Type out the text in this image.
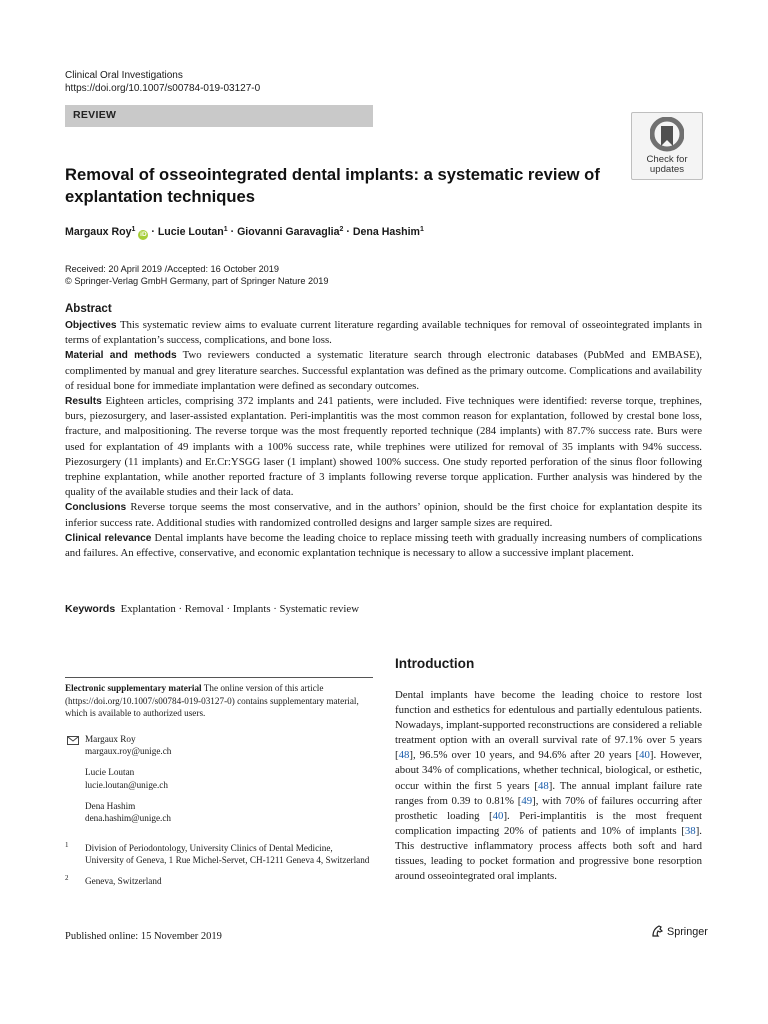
Clinical Oral Investigations
https://doi.org/10.1007/s00784-019-03127-0
REVIEW
Check for
updates
Removal of osseointegrated dental implants: a systematic review of explantation techniques
Margaux Roy$^1$ iD · Lucie Loutan$^1$ · Giovanni Garavaglia$^2$ · Dena Hashim$^1$
Received: 20 April 2019 /Accepted: 16 October 2019
© Springer-Verlag GmbH Germany, part of Springer Nature 2019
Abstract

Objectives This systematic review aims to evaluate current literature regarding available techniques for removal of osseointegrated implants in terms of explantation’s success, complications, and bone loss.

Material and methods Two reviewers conducted a systematic literature search through electronic databases (PubMed and EMBASE), complimented by manual and grey literature searches. Successful explantation was defined as the primary outcome. Complications and availability of residual bone for immediate implantation were defined as secondary outcomes.

Results Eighteen articles, comprising 372 implants and 241 patients, were included. Five techniques were identified: reverse torque, trephines, burs, piezosurgery, and laser-assisted explantation. Peri-implantitis was the most common reason for explantation, followed by crestal bone loss, fracture, and malpositioning. The reverse torque was the most frequently reported technique (284 implants) with 87.7% success rate. Burs were used for explantation of 49 implants with a 100% success rate, while trephines were utilized for removal of 35 implants with 94% success. Piezosurgery (11 implants) and Er.Cr:YSGG laser (1 implant) showed 100% success. One study reported perforation of the sinus floor following trephine explantation, while another reported fracture of 3 implants following reverse torque application. Further analysis was hindered by the quality of the available studies and their lack of data.

Conclusions Reverse torque seems the most conservative, and in the authors’ opinion, should be the first choice for explantation despite its inferior success rate. Additional studies with randomized controlled designs and larger sample sizes are required.

Clinical relevance Dental implants have become the leading choice to replace missing teeth with gradually increasing numbers of complications and failures. An effective, conservative, and economic explantation technique is necessary to allow a successive implant placement.

Keywords Explantation · Removal · Implants · Systematic review
Electronic supplementary material The online version of this article (https://doi.org/10.1007/s00784-019-03127-0) contains supplementary material, which is available to authorized users.
Margaux Roy
margaux.roy@unige.ch
Lucie Loutan
lucie.loutan@unige.ch
Dena Hashim
dena.hashim@unige.ch
1 Division of Periodontology, University Clinics of Dental Medicine, University of Geneva, 1 Rue Michel-Servet, CH-1211 Geneva 4, Switzerland
2 Geneva, Switzerland
Published online: 15 November 2019
Introduction
Dental implants have become the leading choice to restore lost function and esthetics for edentulous and partially edentulous patients. Nowadays, implant-supported reconstructions are considered a reliable treatment option with an overall survival rate of 97.1% over 5 years [48], 96.5% over 10 years, and 94.6% after 20 years [40]. However, about 34% of complications, whether technical, biological, or esthetic, occur within the first 5 years [48]. The annual implant failure rate ranges from 0.39 to 0.81% [49], with 70% of failures occurring after prosthetic loading [40]. Peri-implantitis is the most frequent complication impacting 20% of patients and 10% of implants [38]. This destructive inflammatory process affects both soft and hard tissues, leading to pocket formation and progressive bone resorption around osseointegrated oral implants.
Springer
